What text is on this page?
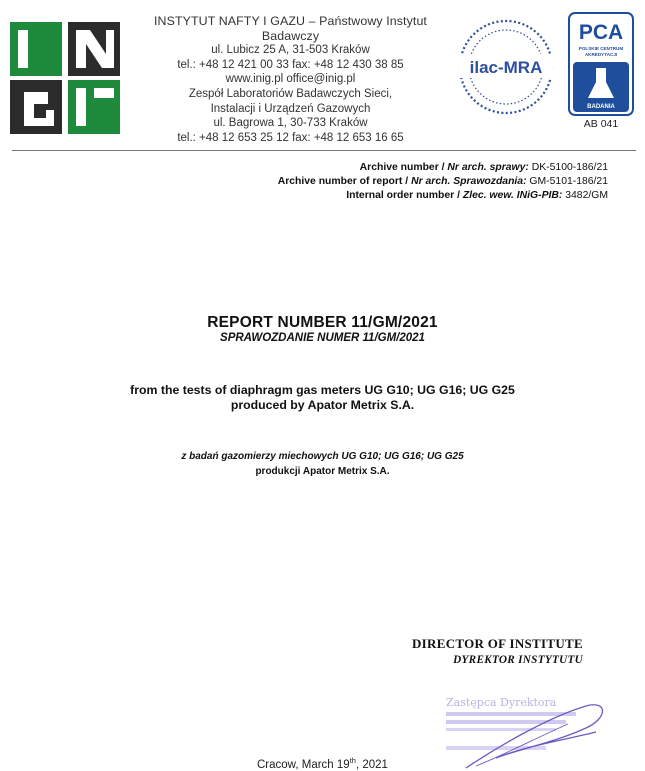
INSTYTUT NAFTY I GAZU – Państwowy Instytut Badawczy
ul. Lubicz 25 A, 31-503 Kraków
tel.: +48 12 421 00 33 fax: +48 12 430 38 85
www.inig.pl office@inig.pl
Zespół Laboratoriów Badawczych Sieci,
Instalacji i Urządzeń Gazowych
ul. Bagrowa 1, 30-733 Kraków
tel.: +48 12 653 25 12 fax: +48 12 653 16 65
ilac-MRA
PCA
POLSKIE CENTRUM
AKREDYTACJI
BADANIA
AB 041
Archive number / Nr arch. sprawy: DK-5100-186/21
Archive number of report / Nr arch. Sprawozdania: GM-5101-186/21
Internal order number / Zlec. wew. INiG-PIB: 3482/GM
REPORT NUMBER 11/GM/2021
SPRAWOZDANIE NUMER 11/GM/2021
from the tests of diaphragm gas meters UG G10; UG G16; UG G25
produced by Apator Metrix S.A.
z badań gazomierzy miechowych UG G10; UG G16; UG G25
produkcji Apator Metrix S.A.
DIRECTOR OF INSTITUTE
DYREKTOR INSTYTUTU
Zastępca Dyrektora
Cracow, March 19th, 2021
